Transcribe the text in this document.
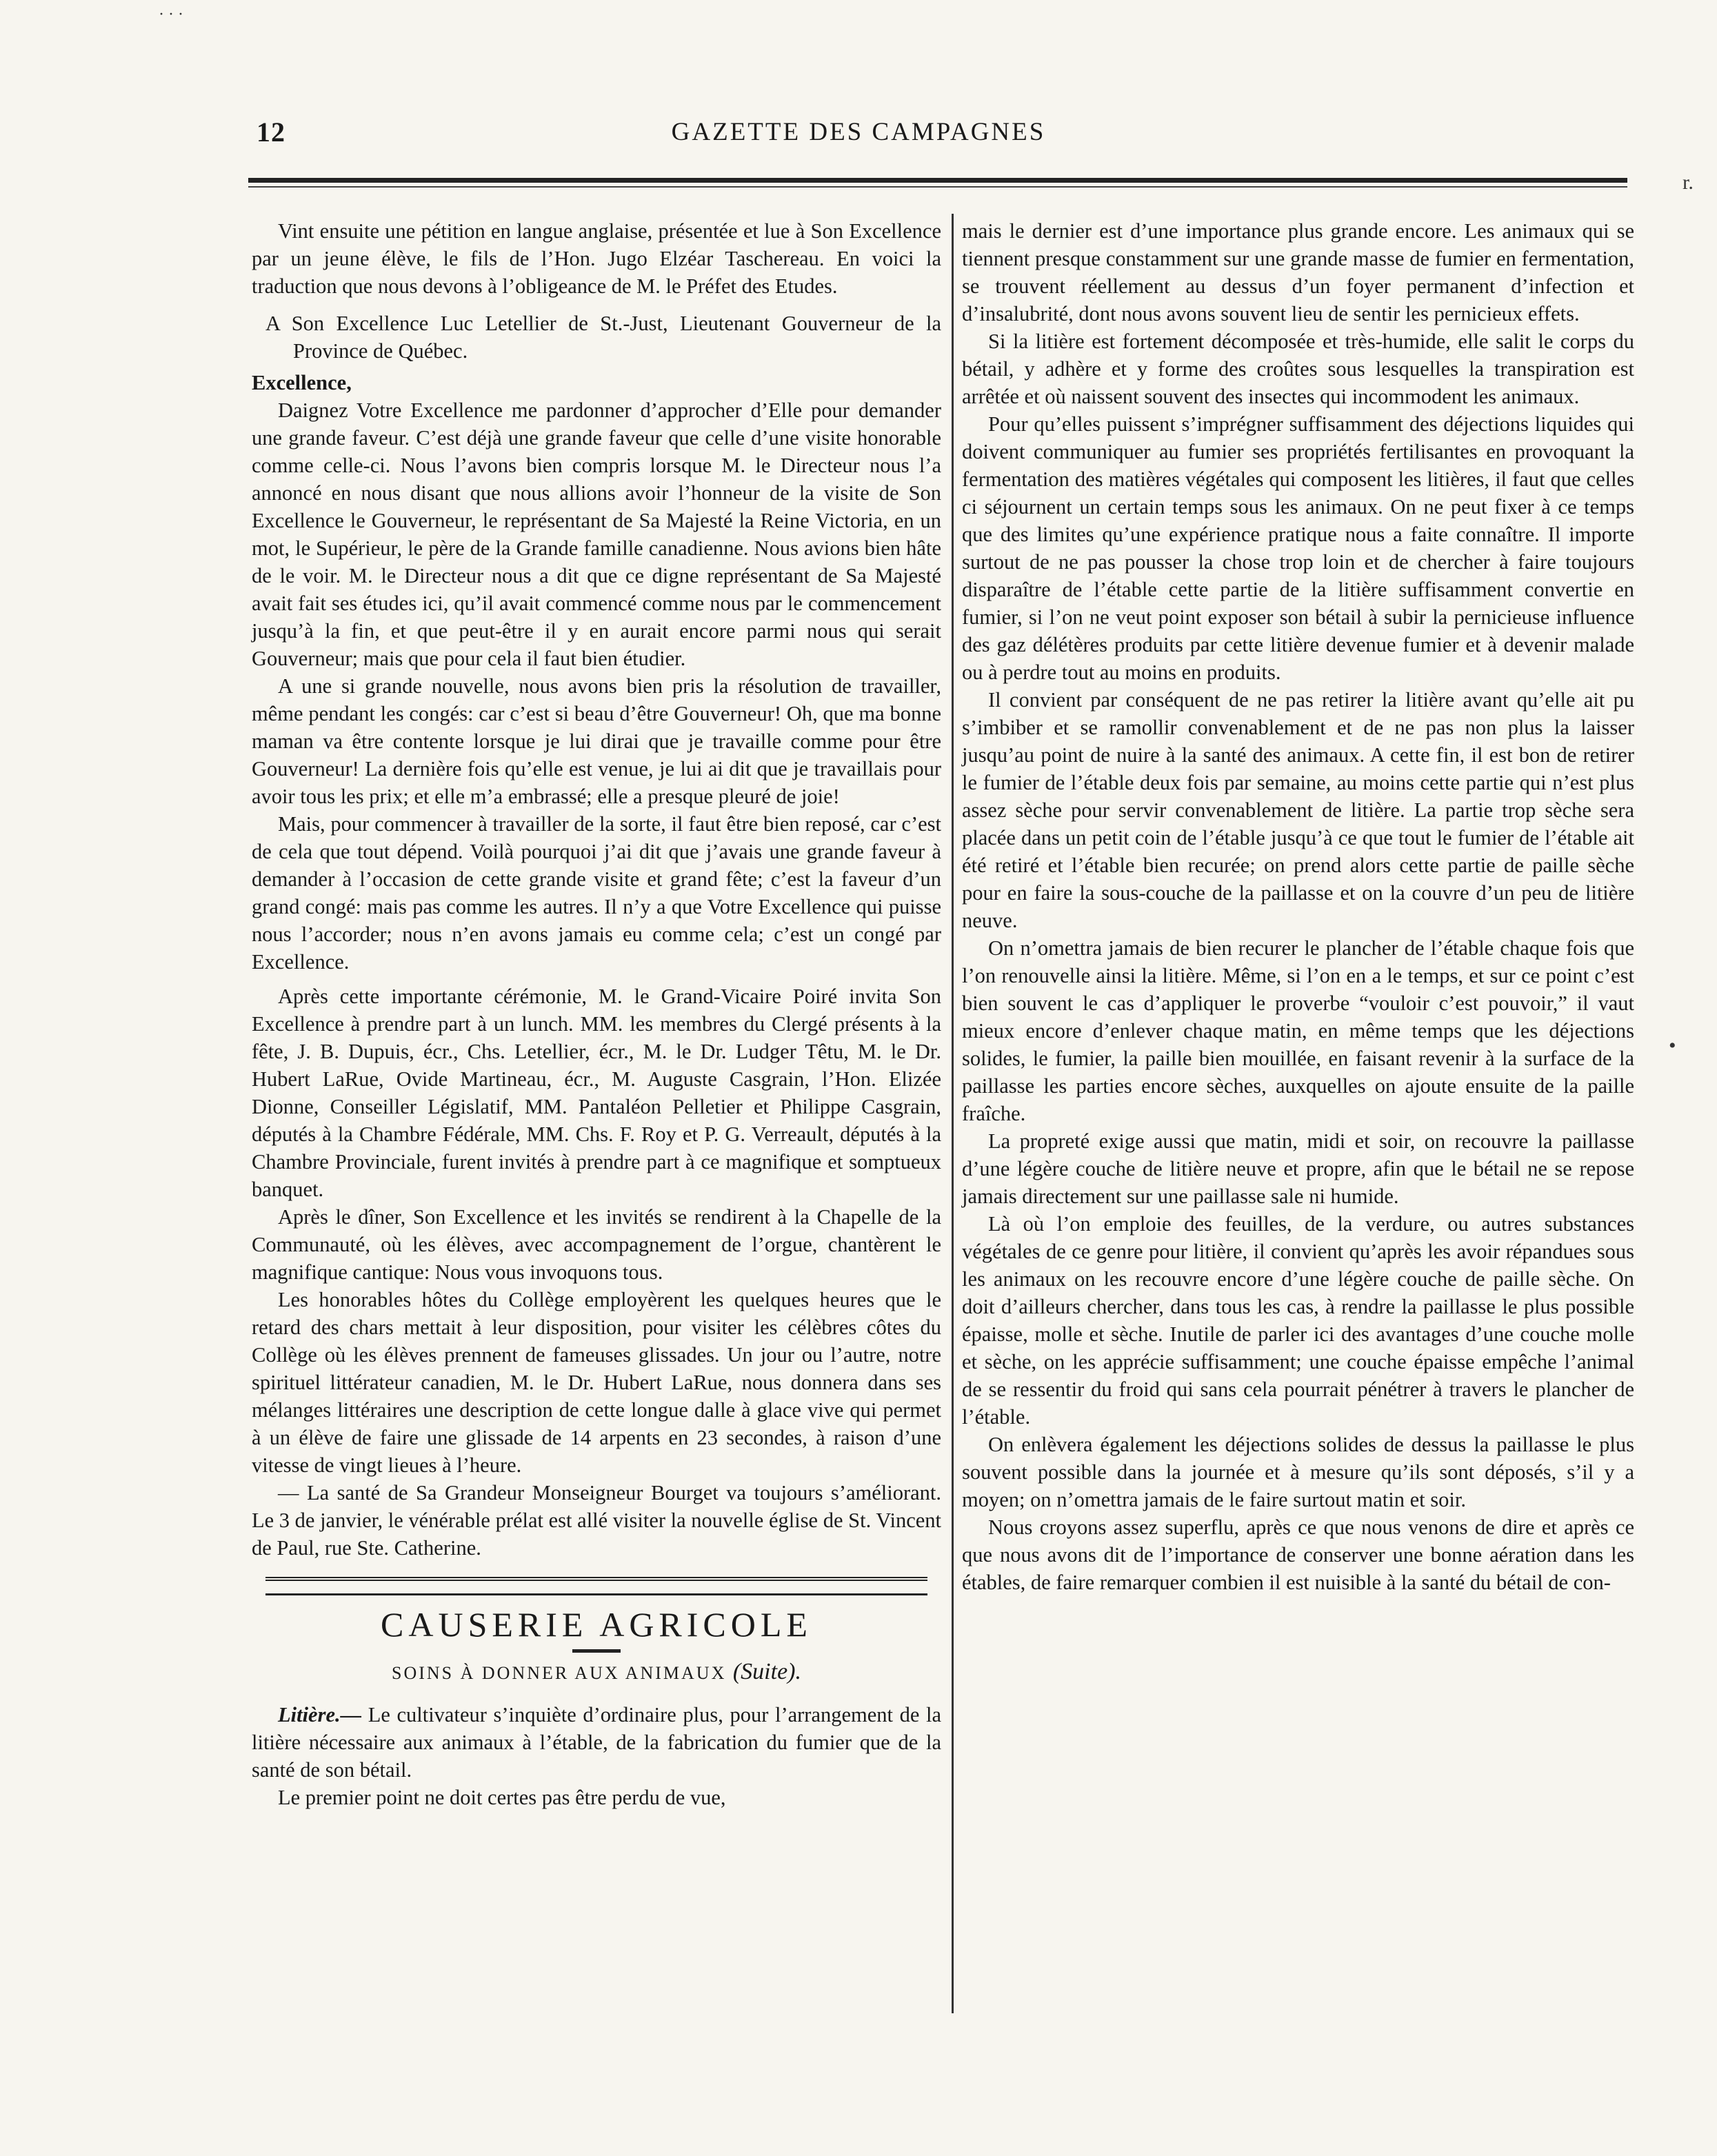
12	GAZETTE DES CAMPAGNES

Vint ensuite une pétition en langue anglaise, présentée et lue à Son Excellence par un jeune élève, le fils de l’Hon. Jugo Elzéar Taschereau. En voici la traduction que nous devons à l’obligeance de M. le Préfet des Etudes.

A Son Excellence Luc Letellier de St.-Just, Lieutenant Gouverneur de la Province de Québec.

Excellence,

Daignez Votre Excellence me pardonner d’approcher d’Elle pour demander une grande faveur. C’est déjà une grande faveur que celle d’une visite honorable comme celle-ci. Nous l’avons bien compris lorsque M. le Directeur nous l’a annoncé en nous disant que nous allions avoir l’honneur de la visite de Son Excellence le Gouverneur, le représentant de Sa Majesté la Reine Victoria, en un mot, le Supérieur, le père de la Grande famille canadienne. Nous avions bien hâte de le voir. M. le Directeur nous a dit que ce digne représentant de Sa Majesté avait fait ses études ici, qu’il avait commencé comme nous par le commencement jusqu’à la fin, et que peut-être il y en aurait encore parmi nous qui serait Gouverneur; mais que pour cela il faut bien étudier.

A une si grande nouvelle, nous avons bien pris la résolution de travailler, même pendant les congés: car c’est si beau d’être Gouverneur! Oh, que ma bonne maman va être contente lorsque je lui dirai que je travaille comme pour être Gouverneur! La dernière fois qu’elle est venue, je lui ai dit que je travaillais pour avoir tous les prix; et elle m’a embrassé; elle a presque pleuré de joie!

Mais, pour commencer à travailler de la sorte, il faut être bien reposé, car c’est de cela que tout dépend. Voilà pourquoi j’ai dit que j’avais une grande faveur à demander à l’occasion de cette grande visite et grand fête; c’est la faveur d’un grand congé: mais pas comme les autres. Il n’y a que Votre Excellence qui puisse nous l’accorder; nous n’en avons jamais eu comme cela; c’est un congé par Excellence.

Après cette importante cérémonie, M. le Grand-Vicaire Poiré invita Son Excellence à prendre part à un lunch. MM. les membres du Clergé présents à la fête, J. B. Dupuis, écr., Chs. Letellier, écr., M. le Dr. Ludger Têtu, M. le Dr. Hubert LaRue, Ovide Martineau, écr., M. Auguste Casgrain, l’Hon. Elizée Dionne, Conseiller Législatif, MM. Pantaléon Pelletier et Philippe Casgrain, députés à la Chambre Fédérale, MM. Chs. F. Roy et P. G. Verreault, députés à la Chambre Provinciale, furent invités à prendre part à ce magnifique et somptueux banquet.

Après le dîner, Son Excellence et les invités se rendirent à la Chapelle de la Communauté, où les élèves, avec accompagnement de l’orgue, chantèrent le magnifique cantique: Nous vous invoquons tous.

Les honorables hôtes du Collège employèrent les quelques heures que le retard des chars mettait à leur disposition, pour visiter les célèbres côtes du Collège où les élèves prennent de fameuses glissades. Un jour ou l’autre, notre spirituel littérateur canadien, M. le Dr. Hubert LaRue, nous donnera dans ses mélanges littéraires une description de cette longue dalle à glace vive qui permet à un élève de faire une glissade de 14 arpents en 23 secondes, à raison d’une vitesse de vingt lieues à l’heure.

— La santé de Sa Grandeur Monseigneur Bourget va toujours s’améliorant. Le 3 de janvier, le vénérable prélat est allé visiter la nouvelle église de St. Vincent de Paul, rue Ste. Catherine.

CAUSERIE AGRICOLE

SOINS À DONNER AUX ANIMAUX (Suite).

Litière.— Le cultivateur s’inquiète d’ordinaire plus, pour l’arrangement de la litière nécessaire aux animaux à l’étable, de la fabrication du fumier que de la santé de son bétail.

Le premier point ne doit certes pas être perdu de vue,

mais le dernier est d’une importance plus grande encore. Les animaux qui se tiennent presque constamment sur une grande masse de fumier en fermentation, se trouvent réellement au dessus d’un foyer permanent d’infection et d’insalubrité, dont nous avons souvent lieu de sentir les pernicieux effets.

Si la litière est fortement décomposée et très-humide, elle salit le corps du bétail, y adhère et y forme des croûtes sous lesquelles la transpiration est arrêtée et où naissent souvent des insectes qui incommodent les animaux.

Pour qu’elles puissent s’imprégner suffisamment des déjections liquides qui doivent communiquer au fumier ses propriétés fertilisantes en provoquant la fermentation des matières végétales qui composent les litières, il faut que celles ci séjournent un certain temps sous les animaux. On ne peut fixer à ce temps que des limites qu’une expérience pratique nous a faite connaître. Il importe surtout de ne pas pousser la chose trop loin et de chercher à faire toujours disparaître de l’étable cette partie de la litière suffisamment convertie en fumier, si l’on ne veut point exposer son bétail à subir la pernicieuse influence des gaz délétères produits par cette litière devenue fumier et à devenir malade ou à perdre tout au moins en produits.

Il convient par conséquent de ne pas retirer la litière avant qu’elle ait pu s’imbiber et se ramollir convenablement et de ne pas non plus la laisser jusqu’au point de nuire à la santé des animaux. A cette fin, il est bon de retirer le fumier de l’étable deux fois par semaine, au moins cette partie qui n’est plus assez sèche pour servir convenablement de litière. La partie trop sèche sera placée dans un petit coin de l’étable jusqu’à ce que tout le fumier de l’étable ait été retiré et l’étable bien recurée; on prend alors cette partie de paille sèche pour en faire la sous-couche de la paillasse et on la couvre d’un peu de litière neuve.

On n’omettra jamais de bien recurer le plancher de l’étable chaque fois que l’on renouvelle ainsi la litière. Même, si l’on en a le temps, et sur ce point c’est bien souvent le cas d’appliquer le proverbe “vouloir c’est pouvoir,” il vaut mieux encore d’enlever chaque matin, en même temps que les déjections solides, le fumier, la paille bien mouillée, en faisant revenir à la surface de la paillasse les parties encore sèches, auxquelles on ajoute ensuite de la paille fraîche.

La propreté exige aussi que matin, midi et soir, on recouvre la paillasse d’une légère couche de litière neuve et propre, afin que le bétail ne se repose jamais directement sur une paillasse sale ni humide.

Là où l’on emploie des feuilles, de la verdure, ou autres substances végétales de ce genre pour litière, il convient qu’après les avoir répandues sous les animaux on les recouvre encore d’une légère couche de paille sèche. On doit d’ailleurs chercher, dans tous les cas, à rendre la paillasse le plus possible épaisse, molle et sèche. Inutile de parler ici des avantages d’une couche molle et sèche, on les apprécie suffisamment; une couche épaisse empêche l’animal de se ressentir du froid qui sans cela pourrait pénétrer à travers le plancher de l’étable.

On enlèvera également les déjections solides de dessus la paillasse le plus souvent possible dans la journée et à mesure qu’ils sont déposés, s’il y a moyen; on n’omettra jamais de le faire surtout matin et soir.

Nous croyons assez superflu, après ce que nous venons de dire et après ce que nous avons dit de l’importance de conserver une bonne aération dans les étables, de faire remarquer combien il est nuisible à la santé du bétail de con-

r.
•
· · ·
